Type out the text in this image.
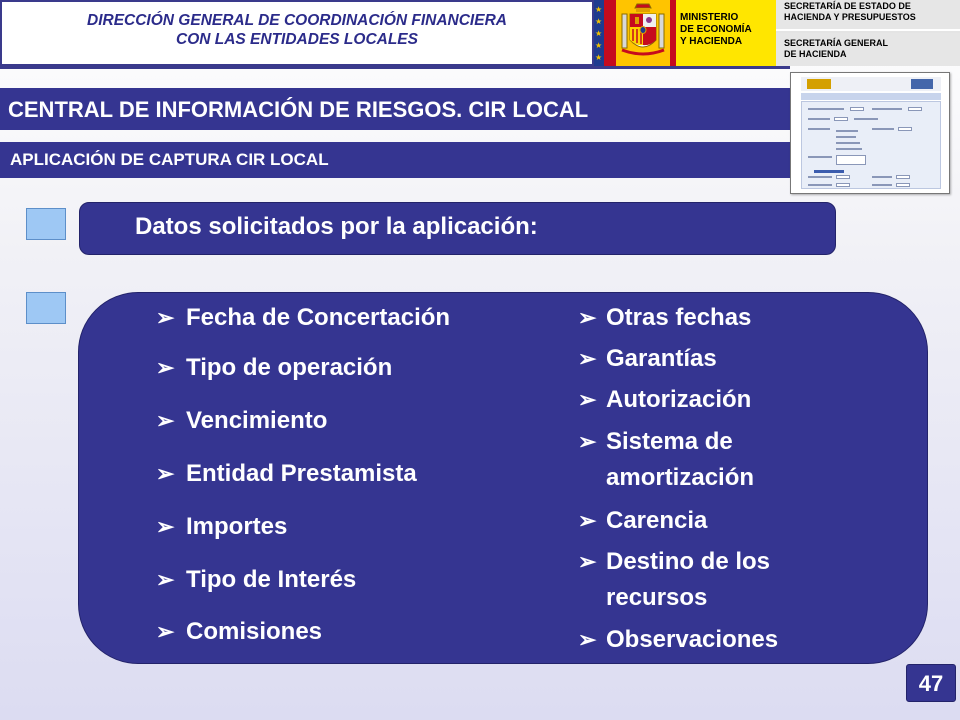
DIRECCIÓN GENERAL DE COORDINACIÓN FINANCIERA
CON LAS ENTIDADES LOCALES
★
★
★
★
★
MINISTERIO
DE ECONOMÍA
Y HACIENDA
SECRETARÍA DE ESTADO DE
HACIENDA Y PRESUPUESTOS
SECRETARÍA GENERAL
DE HACIENDA
CENTRAL DE INFORMACIÓN DE RIESGOS. CIR LOCAL
APLICACIÓN DE CAPTURA CIR LOCAL
Datos solicitados por la aplicación:
➢ Fecha de Concertación
➢ Tipo de operación
➢ Vencimiento
➢ Entidad Prestamista
➢ Importes
➢ Tipo de Interés
➢ Comisiones
➢ Otras fechas
➢ Garantías
➢ Autorización
➢ Sistema de amortización
➢ Carencia
➢ Destino de los recursos
➢ Observaciones
47
